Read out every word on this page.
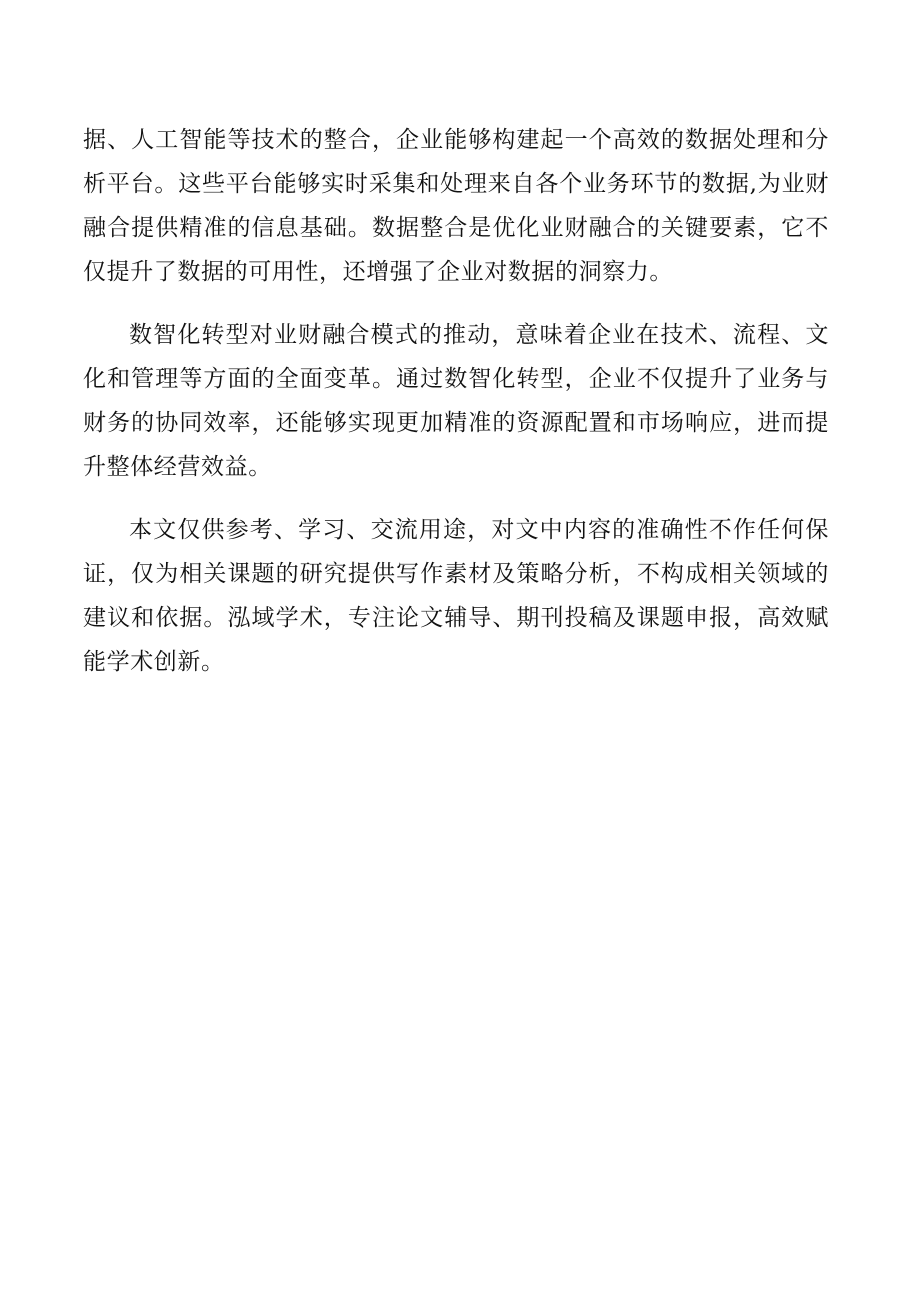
据、人工智能等技术的整合，企业能够构建起一个高效的数据处理和分析平台。这些平台能够实时采集和处理来自各个业务环节的数据,为业财融合提供精准的信息基础。数据整合是优化业财融合的关键要素，它不仅提升了数据的可用性，还增强了企业对数据的洞察力。

数智化转型对业财融合模式的推动，意味着企业在技术、流程、文化和管理等方面的全面变革。通过数智化转型，企业不仅提升了业务与财务的协同效率，还能够实现更加精准的资源配置和市场响应，进而提升整体经营效益。

本文仅供参考、学习、交流用途，对文中内容的准确性不作任何保证，仅为相关课题的研究提供写作素材及策略分析，不构成相关领域的建议和依据。泓域学术，专注论文辅导、期刊投稿及课题申报，高效赋能学术创新。
